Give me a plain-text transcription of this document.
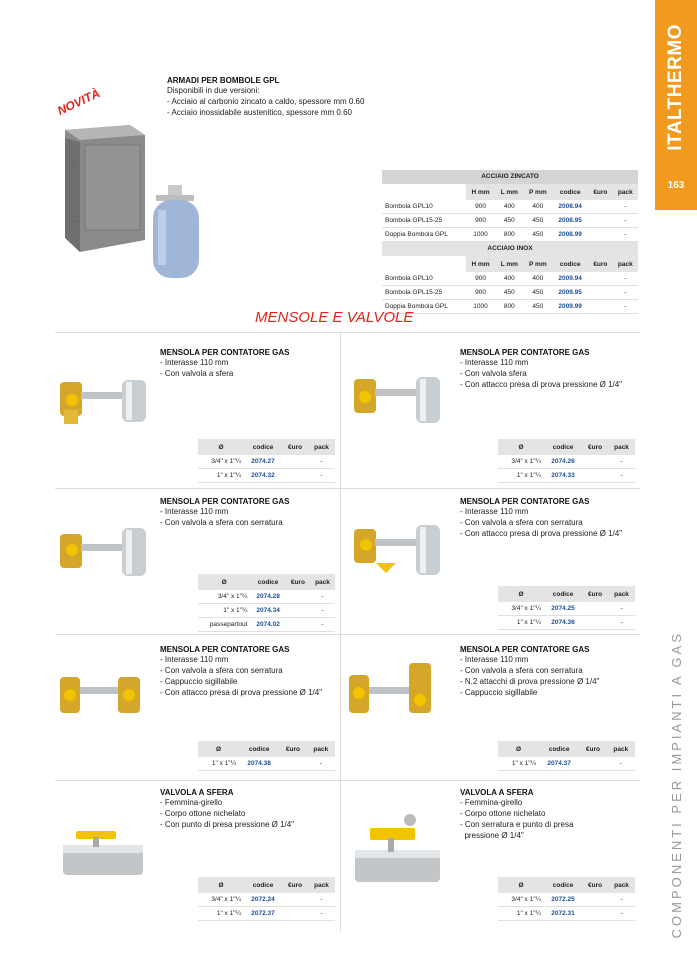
ITALTHERMO
163
COMPONENTI PER IMPIANTI A GAS
NOVITÀ
ARMADI PER BOMBOLE GPL
Disponibili in due versioni:
- Acciaio al carbonio zincato a caldo, spessore mm 0.60
- Acciaio inossidabile austenitico, spessore mm 0.60
ACCIAIO ZINCATO
	H mm	L mm	P mm	codice	€uro	pack
Bombola GPL10	900	400	400	2008.94		-
Bombola GPL15-25	900	450	450	2008.95		-
Doppia Bombola GPL	1000	800	450	2008.99		-
ACCIAIO INOX
	H mm	L mm	P mm	codice	€uro	pack
Bombola GPL10	900	400	400	2009.94		-
Bombola GPL15-25	900	450	450	2009.95		-
Doppia Bombola GPL	1000	800	450	2009.99		-
MENSOLE E VALVOLE
MENSOLA PER CONTATORE GAS
- Interasse 110 mm
- Con valvola a sfera
MENSOLA PER CONTATORE GAS
- Interasse 110 mm
- Con valvola sfera
- Con attacco presa di prova pressione Ø 1/4"
MENSOLA PER CONTATORE GAS
- Interasse 110 mm
- Con valvola a sfera con serratura
MENSOLA PER CONTATORE GAS
- Interasse 110 mm
- Con valvola a sfera con serratura
- Con attacco presa di prova pressione Ø 1/4"
MENSOLA PER CONTATORE GAS
- Interasse 110 mm
- Con valvola a sfera con serratura
- Cappuccio sigillabile
- Con attacco presa di prova pressione Ø 1/4"
MENSOLA PER CONTATORE GAS
- Interasse 110 mm
- Con valvola a sfera con serratura
- N.2 attacchi di prova pressione Ø 1/4"
- Cappuccio sigillabile
VALVOLA A SFERA
- Femmina-girello
- Corpo ottone nichelato
- Con punto di presa pressione Ø 1/4"
VALVOLA A SFERA
- Femmina-girello
- Corpo ottone nichelato
- Con serratura e punto di presa
pressione Ø 1/4"
Ø	codice	€uro	pack
3/4" x 1"¼	2074.27		-
1" x 1"¼	2074.32		-
Ø	codice	€uro	pack
3/4" x 1"¼	2074.26		-
1" x 1"¼	2074.33		-
Ø	codice	€uro	pack
3/4" x 1"¼	2074.28		-
1" x 1"¼	2074.34		-
passepartout	2074.02		-
Ø	codice	€uro	pack
3/4" x 1"¼	2074.25		-
1" x 1"¼	2074.36		-
Ø	codice	€uro	pack
1" x 1"¼	2074.38		-
Ø	codice	€uro	pack
1" x 1"¼	2074.37		-
Ø	codice	€uro	pack
3/4" x 1"¼	2072.24		-
1" x 1"¼	2072.37		-
Ø	codice	€uro	pack
3/4" x 1"¼	2072.25		-
1" x 1"¼	2072.31		-
